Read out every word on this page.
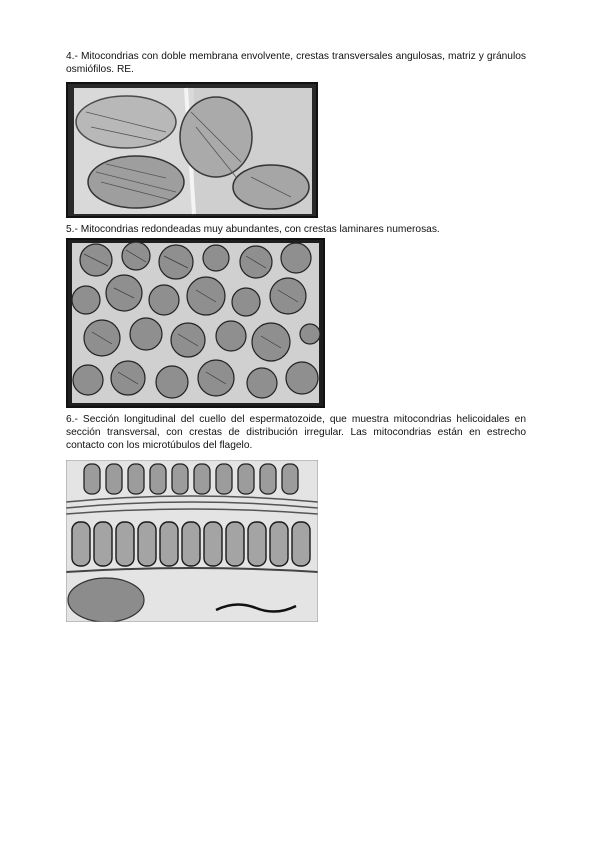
4.- Mitocondrias con doble membrana envolvente, crestas transversales angulosas, matriz y gránulos osmiófilos. RE.

5.- Mitocondrias redondeadas muy abundantes, con crestas laminares numerosas.

6.- Sección longitudinal del cuello del espermatozoide, que muestra mitocondrias helicoidales en sección transversal, con crestas de distribución irregular. Las mitocondrias están en estrecho contacto con los microtúbulos del flagelo.
